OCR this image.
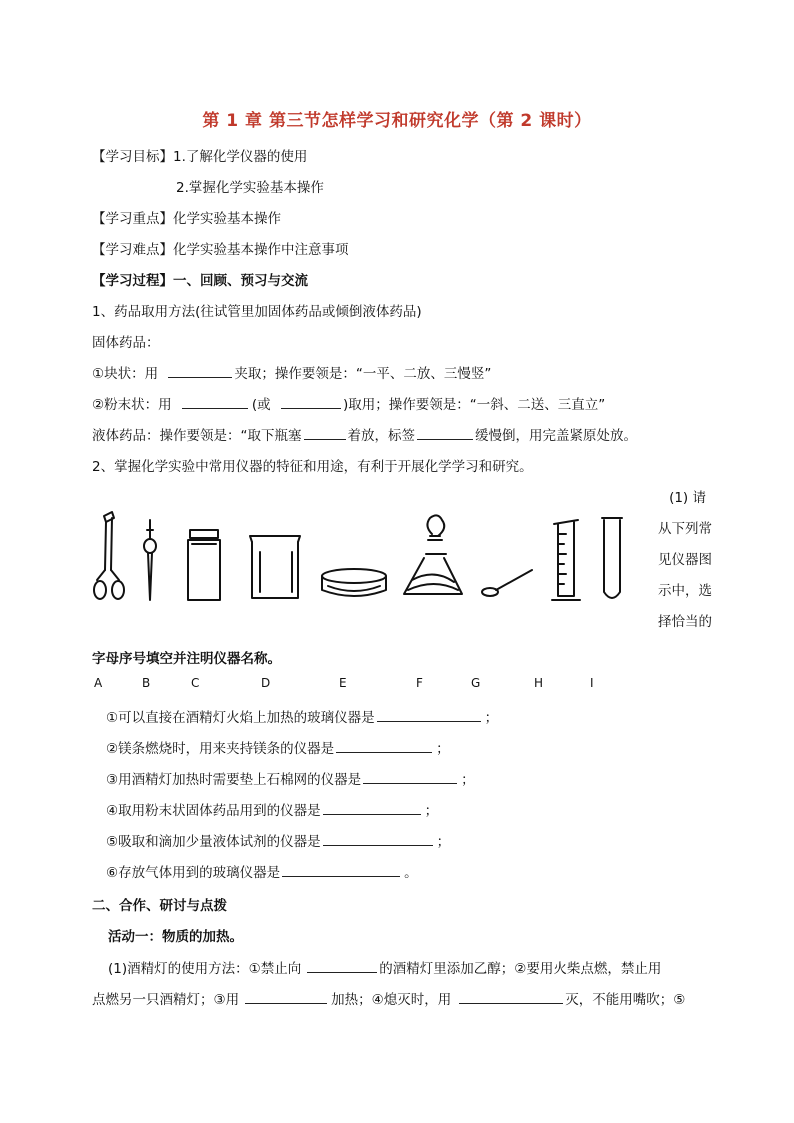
第 1 章 第三节怎样学习和研究化学（第 2 课时）
【学习目标】1.了解化学仪器的使用
2.掌握化学实验基本操作
【学习重点】化学实验基本操作
【学习难点】化学实验基本操作中注意事项
【学习过程】一、回顾、预习与交流
1、药品取用方法(往试管里加固体药品或倾倒液体药品)
固体药品：
①块状：用	夹取；操作要领是：“一平、二放、三慢竖”
②粉末状：用	(或	)取用；操作要领是：“一斜、二送、三直立”
液体药品：操作要领是：“取下瓶塞	着放，标签	缓慢倒，用完盖紧原处放。
2、掌握化学实验中常用仪器的特征和用途，有利于开展化学学习和研究。
(1) 请
从下列常
见仪器图
示中，选
择恰当的
字母序号填空并注明仪器名称。
A	B	C	D	E	F	G	H	I
①可以直接在酒精灯火焰上加热的玻璃仪器是	；
②镁条燃烧时，用来夹持镁条的仪器是	；
③用酒精灯加热时需要垫上石棉网的仪器是	；
④取用粉末状固体药品用到的仪器是	；
⑤吸取和滴加少量液体试剂的仪器是	；
⑥存放气体用到的玻璃仪器是	。
二、合作、研讨与点拨
活动一：物质的加热。
(1)酒精灯的使用方法：①禁止向	的酒精灯里添加乙醇；②要用火柴点燃，禁止用
点燃另一只酒精灯；③用	加热；④熄灭时，用	灭，不能用嘴吹；⑤
